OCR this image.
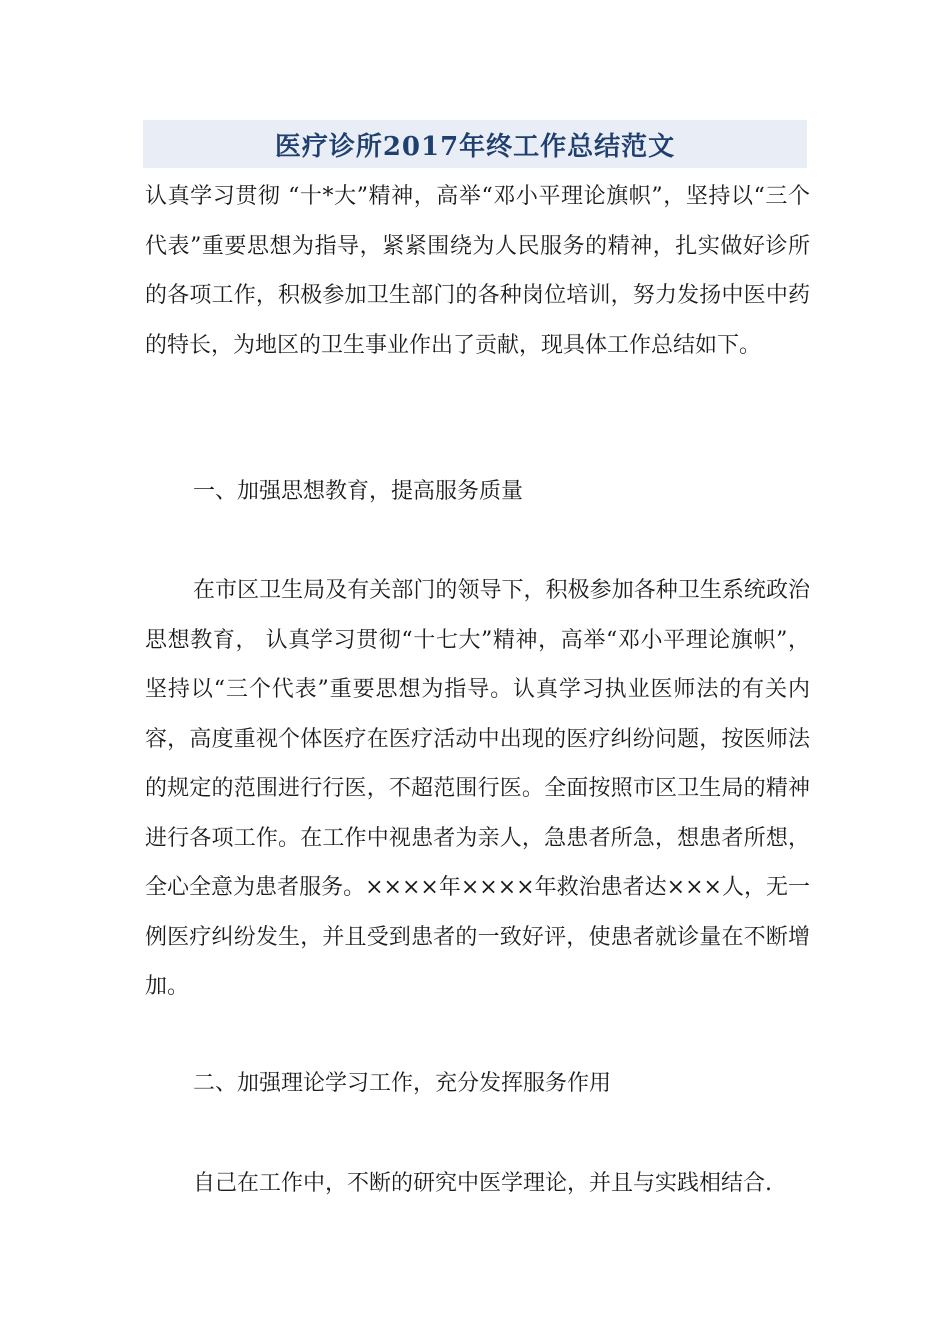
医疗诊所2017年终工作总结范文

认真学习贯彻 “十*大”精神，高举“邓小平理论旗帜”，坚持以“三个代表”重要思想为指导，紧紧围绕为人民服务的精神，扎实做好诊所的各项工作，积极参加卫生部门的各种岗位培训，努力发扬中医中药的特长，为地区的卫生事业作出了贡献，现具体工作总结如下。

一、加强思想教育，提高服务质量

在市区卫生局及有关部门的领导下，积极参加各种卫生系统政治思想教育， 认真学习贯彻“十七大”精神，高举“邓小平理论旗帜”，坚持以“三个代表”重要思想为指导。认真学习执业医师法的有关内容，高度重视个体医疗在医疗活动中出现的医疗纠纷问题，按医师法的规定的范围进行行医，不超范围行医。全面按照市区卫生局的精神进行各项工作。在工作中视患者为亲人，急患者所急，想患者所想， 全心全意为患者服务。××××年××××年救治患者达×××人，无一例医疗纠纷发生，并且受到患者的一致好评，使患者就诊量在不断增加。

二、加强理论学习工作，充分发挥服务作用

自己在工作中，不断的研究中医学理论，并且与实践相结合.
